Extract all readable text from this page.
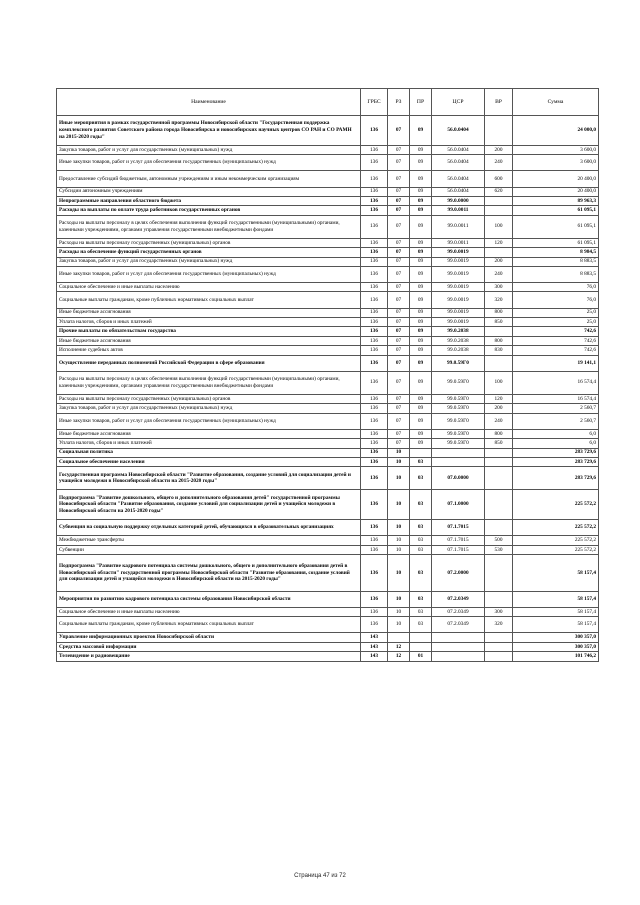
Наименование	ГРБС	РЗ	ПР	ЦСР	ВР	Сумма
Иные мероприятия в рамках государственной программы Новосибирской области "Государственная поддержка комплексного развития Советского района города Новосибирска и новосибирских научных центров СО РАН и СО РАМН на 2015-2020 годы"	136	07	09	56.0.0404		24 000,0
Закупка товаров, работ и услуг для государственных (муниципальных) нужд	136	07	09	56.0.0404	200	3 600,0
Иные закупки товаров, работ и услуг для обеспечения государственных (муниципальных) нужд	136	07	09	56.0.0404	240	3 600,0
Предоставление субсидий бюджетным, автономным учреждениям и иным некоммерческим организациям	136	07	09	56.0.0404	600	20 400,0
Субсидии автономным учреждениям	136	07	09	56.0.0404	620	20 400,0
Непрограммные направления областного бюджета	136	07	09	99.0.0000		89 963,3
Расходы на выплаты по оплате труда работников государственных органов	136	07	09	99.0.0011		61 095,1
Расходы на выплаты персоналу в целях обеспечения выполнения функций государственными (муниципальными) органами, казенными учреждениями, органами управления государственными внебюджетными фондами	136	07	09	99.0.0011	100	61 095,1
Расходы на выплаты персоналу государственных (муниципальных) органов	136	07	09	99.0.0011	120	61 095,1
Расходы на обеспечение функций государственных органов	136	07	09	99.0.0019		8 984,5
Закупка товаров, работ и услуг для государственных (муниципальных) нужд	136	07	09	99.0.0019	200	8 883,5
Иные закупки товаров, работ и услуг для обеспечения государственных (муниципальных) нужд	136	07	09	99.0.0019	240	8 883,5
Социальное обеспечение и иные выплаты населению	136	07	09	99.0.0019	300	76,0
Социальные выплаты гражданам, кроме публичных нормативных социальных выплат	136	07	09	99.0.0019	320	76,0
Иные бюджетные ассигнования	136	07	09	99.0.0019	800	25,0
Уплата налогов, сборов и иных платежей	136	07	09	99.0.0019	850	25,0
Прочие выплаты по обязательствам государства	136	07	09	99.0.2038		742,6
Иные бюджетные ассигнования	136	07	09	99.0.2038	800	742,6
Исполнение судебных актов	136	07	09	99.0.2038	830	742,6
Осуществление переданных полномочий Российской Федерации в сфере образования	136	07	09	99.0.59Г0		19 141,1
Расходы на выплаты персоналу в целях обеспечения выполнения функций государственными (муниципальными) органами, казенными учреждениями, органами управления государственными внебюджетными фондами	136	07	09	99.0.59Г0	100	16 574,4
Расходы на выплаты персоналу государственных (муниципальных) органов	136	07	09	99.0.59Г0	120	16 574,4
Закупка товаров, работ и услуг для государственных (муниципальных) нужд	136	07	09	99.0.59Г0	200	2 560,7
Иные закупки товаров, работ и услуг для обеспечения государственных (муниципальных) нужд	136	07	09	99.0.59Г0	240	2 560,7
Иные бюджетные ассигнования	136	07	09	99.0.59Г0	800	6,0
Уплата налогов, сборов и иных платежей	136	07	09	99.0.59Г0	850	6,0
Социальная политика	136	10				283 729,6
Социальное обеспечение населения	136	10	03			283 729,6
Государственная программа Новосибирской области "Развитие образования, создание условий для социализации детей и учащейся молодежи в Новосибирской области на 2015-2020 годы"	136	10	03	07.0.0000		283 729,6
Подпрограмма "Развитие дошкольного, общего и дополнительного образования детей" государственной программы Новосибирской области "Развитие образования, создание условий для социализации детей и учащейся молодежи в Новосибирской области на 2015-2020 годы"	136	10	03	07.1.0000		225 572,2
Субвенция на социальную поддержку отдельных категорий детей, обучающихся в образовательных организациях	136	10	03	07.1.7015		225 572,2
Межбюджетные трансферты	136	10	03	07.1.7015	500	225 572,2
Субвенции	136	10	03	07.1.7015	530	225 572,2
Подпрограмма "Развитие кадрового потенциала системы дошкольного, общего и дополнительного образования детей в Новосибирской области" государственной программы Новосибирской области "Развитие образования, создание условий для социализации детей и учащейся молодежи в Новосибирской области на 2015-2020 годы"	136	10	03	07.2.0000		58 157,4
Мероприятия по развитию кадрового потенциала системы образования Новосибирской области	136	10	03	07.2.0349		58 157,4
Социальное обеспечение и иные выплаты населению	136	10	03	07.2.0349	300	58 157,4
Социальные выплаты гражданам, кроме публичных нормативных социальных выплат	136	10	03	07.2.0349	320	58 157,4
Управление информационных проектов Новосибирской области	143					300 357,0
Средства массовой информации	143	12				300 357,0
Телевидение и радиовещание	143	12	01			101 746,2
Страница 47 из 72
